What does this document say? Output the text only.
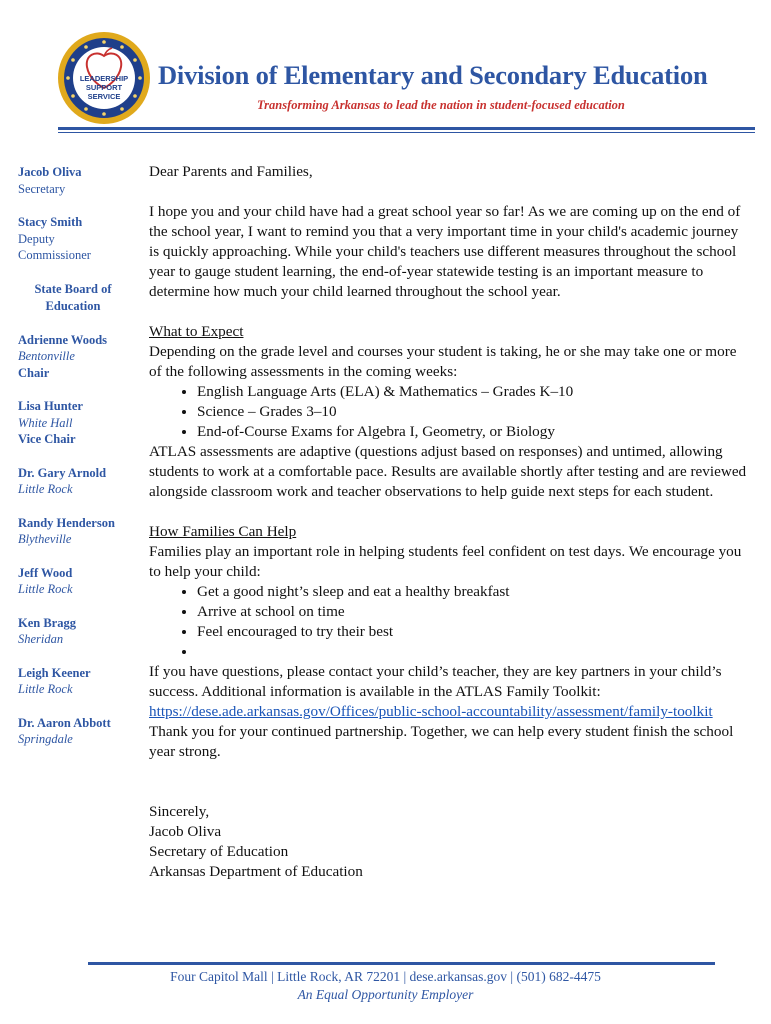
LEADERSHIP
SUPPORT
SERVICE
Division of Elementary and Secondary Education
Transforming Arkansas to lead the nation in student-focused education
Jacob Oliva
Secretary
Stacy Smith
Deputy
Commissioner
State Board of
Education
Adrienne Woods
Bentonville
Chair
Lisa Hunter
White Hall
Vice Chair
Dr. Gary Arnold
Little Rock
Randy Henderson
Blytheville
Jeff Wood
Little Rock
Ken Bragg
Sheridan
Leigh Keener
Little Rock
Dr. Aaron Abbott
Springdale

Dear Parents and Families,

I hope you and your child have had a great school year so far! As we are coming up on the end of the school year, I want to remind you that a very important time in your child's academic journey is quickly approaching. While your child's teachers use different measures throughout the school year to gauge student learning, the end-of-year statewide testing is an important measure to determine how much your child learned throughout the school year.

What to Expect

Depending on the grade level and courses your student is taking, he or she may take one or more of the following assessments in the coming weeks:

• English Language Arts (ELA) & Mathematics – Grades K–10
• Science – Grades 3–10
• End-of-Course Exams for Algebra I, Geometry, or Biology

ATLAS assessments are adaptive (questions adjust based on responses) and untimed, allowing students to work at a comfortable pace. Results are available shortly after testing and are reviewed alongside classroom work and teacher observations to help guide next steps for each student.

How Families Can Help

Families play an important role in helping students feel confident on test days. We encourage you to help your child:

• Get a good night’s sleep and eat a healthy breakfast
• Arrive at school on time
• Feel encouraged to try their best
•

If you have questions, please contact your child’s teacher, they are key partners in your child’s success. Additional information is available in the ATLAS Family Toolkit:

https://dese.ade.arkansas.gov/Offices/public-school-accountability/assessment/family-toolkit

Thank you for your continued partnership. Together, we can help every student finish the school year strong.

Sincerely,

Jacob Oliva

Secretary of Education

Arkansas Department of Education

Four Capitol Mall | Little Rock, AR 72201 | dese.arkansas.gov | (501) 682-4475
An Equal Opportunity Employer
